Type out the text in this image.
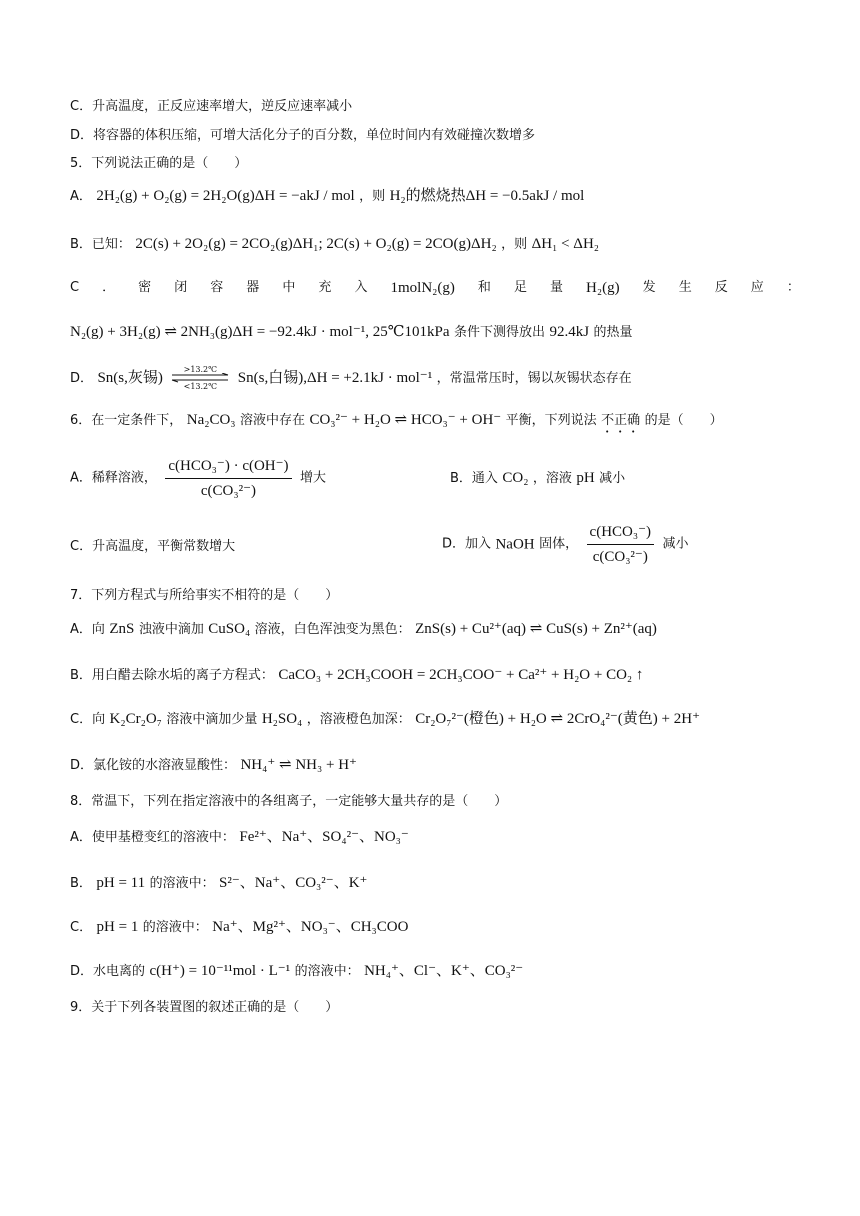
C．升高温度，正反应速率增大，逆反应速率减小
D．将容器的体积压缩，可增大活化分子的百分数，单位时间内有效碰撞次数增多
5．下列说法正确的是（　　）
A． 2H₂(g) + O₂(g) = 2H₂O(g)ΔH = −akJ / mol ，则 H₂的燃烧热ΔH = −0.5akJ / mol
B．已知： 2C(s) + 2O₂(g) = 2CO₂(g)ΔH₁; 2C(s) + O₂(g) = 2CO(g)ΔH₂ ，则 ΔH₁ < ΔH₂
C ． 密 闭 容 器 中 充 入 1molN₂(g) 和 足 量 H₂(g) 发 生 反 应 ：
N₂(g) + 3H₂(g) ⇌ 2NH₃(g)ΔH = −92.4kJ · mol⁻¹, 25℃101kPa 条件下测得放出 92.4kJ 的热量
D． Sn(s,灰锡)
>13.2℃
<13.2℃
Sn(s,白锡),ΔH = +2.1kJ · mol⁻¹ ，常温常压时，锡以灰锡状态存在
6．在一定条件下， Na₂CO₃ 溶液中存在 CO₃²⁻ + H₂O ⇌ HCO₃⁻ + OH⁻ 平衡，下列说法 不正确 的是（　　）
A．稀释溶液， $\frac{\text{c(HCO₃⁻) · c(OH⁻)}}{\text{c(CO₃²⁻)}}$ 增大	B．通入 CO₂ ，溶液 pH 减小
C．升高温度，平衡常数增大	D．加入 NaOH 固体， $\frac{\text{c(HCO₃⁻)}}{\text{c(CO₃²⁻)}}$ 减小
7．下列方程式与所给事实不相符的是（　　）
A．向 ZnS 浊液中滴加 CuSO₄ 溶液，白色浑浊变为黑色： ZnS(s) + Cu²⁺(aq) ⇌ CuS(s) + Zn²⁺(aq)
B．用白醋去除水垢的离子方程式： CaCO₃ + 2CH₃COOH = 2CH₃COO⁻ + Ca²⁺ + H₂O + CO₂ ↑
C．向 K₂Cr₂O₇ 溶液中滴加少量 H₂SO₄ ，溶液橙色加深： Cr₂O₇²⁻(橙色) + H₂O ⇌ 2CrO₄²⁻(黄色) + 2H⁺
D．氯化铵的水溶液显酸性： NH₄⁺ ⇌ NH₃ + H⁺
8．常温下，下列在指定溶液中的各组离子，一定能够大量共存的是（　　）
A．使甲基橙变红的溶液中： Fe²⁺、Na⁺、SO₄²⁻、NO₃⁻
B． pH = 11 的溶液中： S²⁻、Na⁺、CO₃²⁻、K⁺
C． pH = 1 的溶液中： Na⁺、Mg²⁺、NO₃⁻、CH₃COO
D．水电离的 c(H⁺) = 10⁻¹¹mol · L⁻¹ 的溶液中： NH₄⁺、Cl⁻、K⁺、CO₃²⁻
9．关于下列各装置图的叙述正确的是（　　）
